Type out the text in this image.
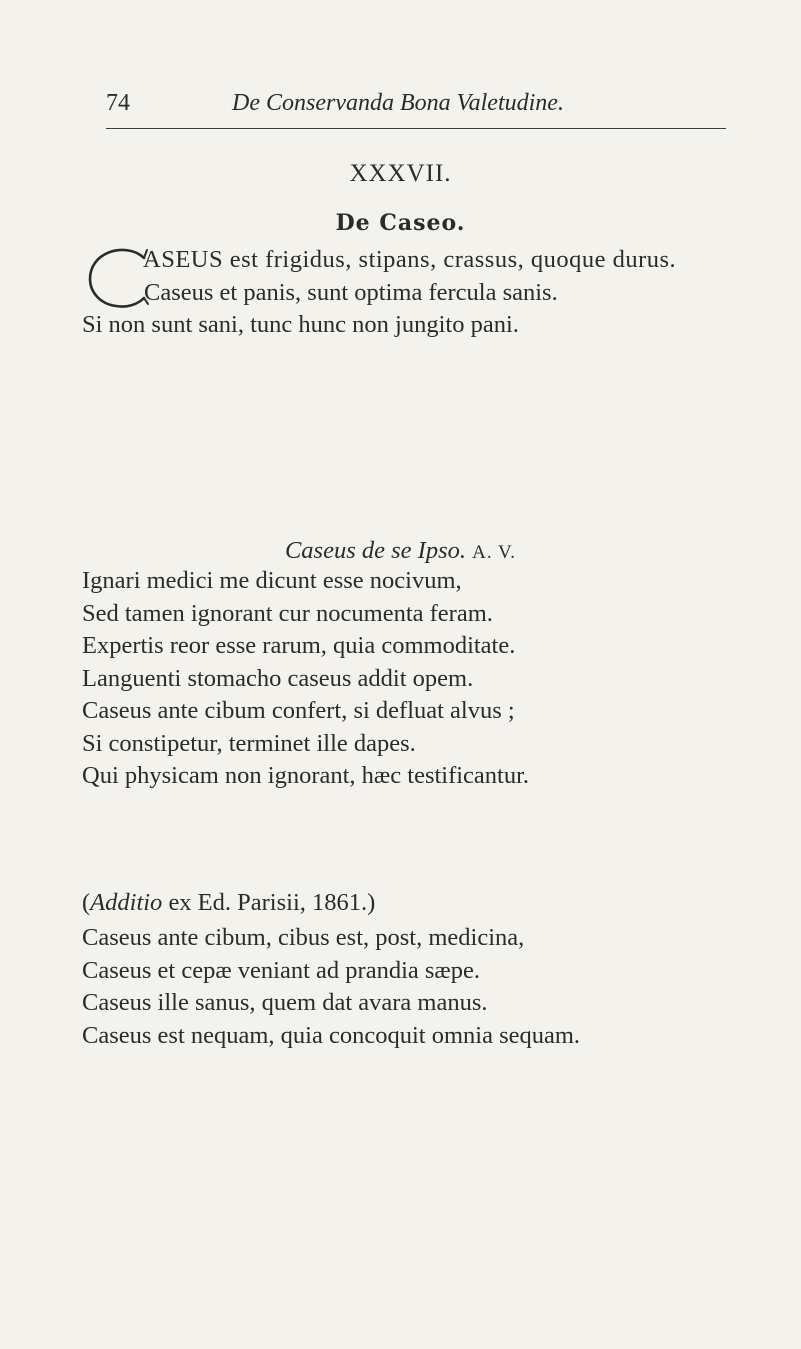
74	De Conservanda Bona Valetudine.
XXXVII.
De Caseo.
ASEUS est frigidus, stipans, crassus, quoque durus.
Caseus et panis, sunt optima fercula sanis.
Si non sunt sani, tunc hunc non jungito pani.
Caseus de se Ipso. A. V.
Ignari medici me dicunt esse nocivum,
Sed tamen ignorant cur nocumenta feram.
Expertis reor esse rarum, quia commoditate.
Languenti stomacho caseus addit opem.
Caseus ante cibum confert, si defluat alvus ;
Si constipetur, terminet ille dapes.
Qui physicam non ignorant, hæc testificantur.
(Additio ex Ed. Parisii, 1861.)
Caseus ante cibum, cibus est, post, medicina,
Caseus et cepæ veniant ad prandia sæpe.
Caseus ille sanus, quem dat avara manus.
Caseus est nequam, quia concoquit omnia sequam.
